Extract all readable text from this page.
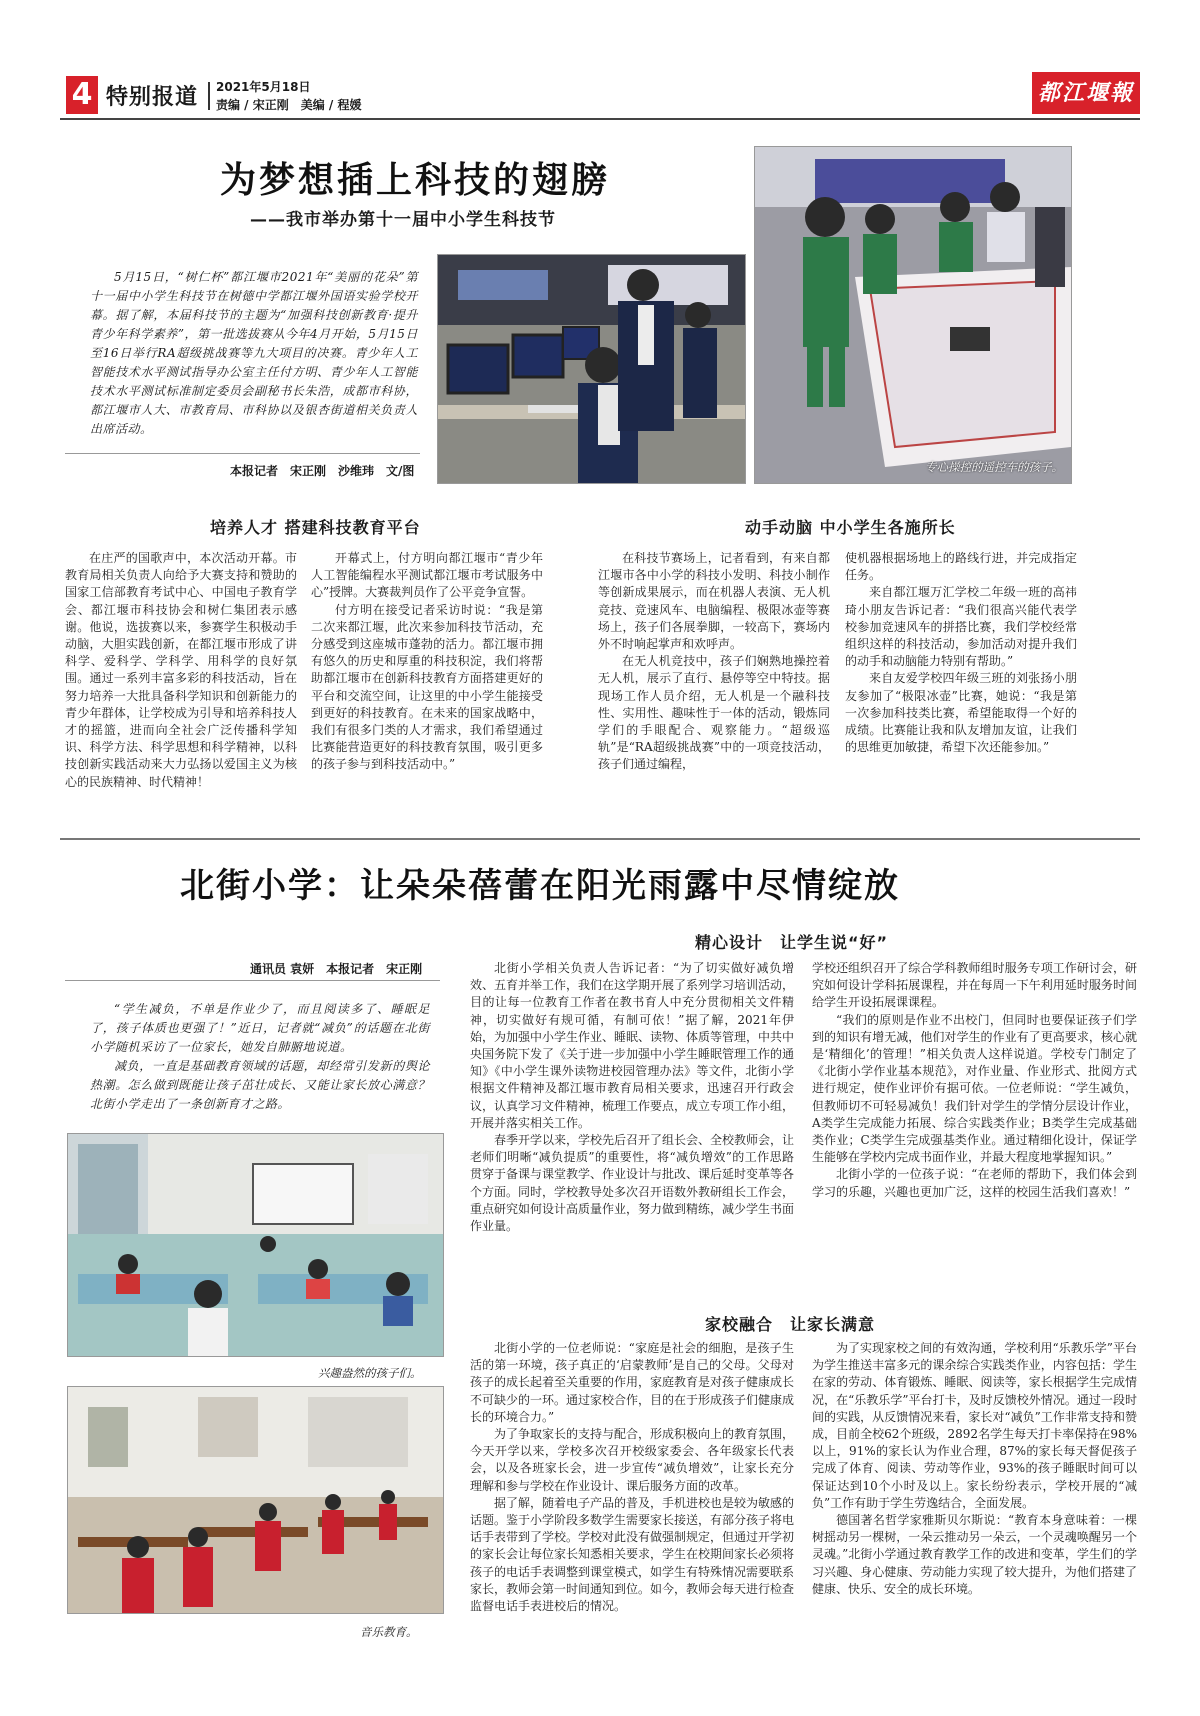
4 特别报道 2021年5月18日
责编 / 宋正刚　美编 / 程媛	都江堰報
为梦想插上科技的翅膀
——我市举办第十一届中小学生科技节

5月15日，“树仁杯”都江堰市2021年“美丽的花朵”第十一届中小学生科技节在树德中学都江堰外国语实验学校开幕。据了解，本届科技节的主题为“加强科技创新教育·提升青少年科学素养”，第一批选拔赛从今年4月开始，5月15日至16日举行RA超级挑战赛等九大项目的决赛。青少年人工智能技术水平测试指导办公室主任付方明、青少年人工智能技术水平测试标准制定委员会副秘书长朱浩，成都市科协，都江堰市人大、市教育局、市科协以及银杏街道相关负责人出席活动。

本报记者　宋正刚　沙维玮　文/图	专心操控的遥控车的孩子。
培养人才 搭建科技教育平台	动手动脑 中小学生各施所长

在庄严的国歌声中，本次活动开幕。市教育局相关负责人向给予大赛支持和赞助的国家工信部教育考试中心、中国电子教育学会、都江堰市科技协会和树仁集团表示感谢。他说，选拔赛以来，参赛学生积极动手动脑，大胆实践创新，在都江堰市形成了讲科学、爱科学、学科学、用科学的良好氛围。通过一系列丰富多彩的科技活动，旨在努力培养一大批具备科学知识和创新能力的青少年群体，让学校成为引导和培养科技人才的摇篮，进而向全社会广泛传播科学知识、科学方法、科学思想和科学精神，以科技创新实践活动来大力弘扬以爱国主义为核心的民族精神、时代精神！

开幕式上，付方明向都江堰市“青少年人工智能编程水平测试都江堰市考试服务中心”授牌。大赛裁判员作了公平竞争宣誓。

付方明在接受记者采访时说：“我是第二次来都江堰，此次来参加科技节活动，充分感受到这座城市蓬勃的活力。都江堰市拥有悠久的历史和厚重的科技积淀，我们将帮助都江堰市在创新科技教育方面搭建更好的平台和交流空间，让这里的中小学生能接受到更好的科技教育。在未来的国家战略中，我们有很多门类的人才需求，我们希望通过比赛能营造更好的科技教育氛围，吸引更多的孩子参与到科技活动中。”

在科技节赛场上，记者看到，有来自都江堰市各中小学的科技小发明、科技小制作等创新成果展示，而在机器人表演、无人机竞技、竞速风车、电脑编程、极限冰壶等赛场上，孩子们各展拳脚，一较高下，赛场内外不时响起掌声和欢呼声。

在无人机竞技中，孩子们娴熟地操控着无人机，展示了直行、悬停等空中特技。据现场工作人员介绍，无人机是一个融科技性、实用性、趣味性于一体的活动，锻炼同学们的手眼配合、观察能力。“超级巡轨”是“RA超级挑战赛”中的一项竞技活动，孩子们通过编程，

使机器根据场地上的路线行进，并完成指定任务。

来自都江堰万汇学校二年级一班的高祎琦小朋友告诉记者：“我们很高兴能代表学校参加竞速风车的拼搭比赛，我们学校经常组织这样的科技活动，参加活动对提升我们的动手和动脑能力特别有帮助。”

来自友爱学校四年级三班的刘张扬小朋友参加了“极限冰壶”比赛，她说：“我是第一次参加科技类比赛，希望能取得一个好的成绩。比赛能让我和队友增加友谊，让我们的思维更加敏捷，希望下次还能参加。”

北街小学：让朵朵蓓蕾在阳光雨露中尽情绽放
精心设计　让学生说“好”
通讯员 袁妍　本报记者　宋正刚

“学生减负，不单是作业少了，而且阅读多了、睡眠足了，孩子体质也更强了！”近日，记者就“减负”的话题在北街小学随机采访了一位家长，她发自肺腑地说道。

减负，一直是基础教育领域的话题，却经常引发新的舆论热潮。怎么做到既能让孩子茁壮成长、又能让家长放心满意？北街小学走出了一条创新育才之路。

兴趣盎然的孩子们。
音乐教育。

北街小学相关负责人告诉记者：“为了切实做好减负增效、五育并举工作，我们在这学期开展了系列学习培训活动，目的让每一位教育工作者在教书育人中充分贯彻相关文件精神，切实做好有规可循，有制可依！”据了解，2021年伊始，为加强中小学生作业、睡眠、读物、体质等管理，中共中央国务院下发了《关于进一步加强中小学生睡眠管理工作的通知》《中小学生课外读物进校园管理办法》等文件，北街小学根据文件精神及都江堰市教育局相关要求，迅速召开行政会议，认真学习文件精神，梳理工作要点，成立专项工作小组，开展并落实相关工作。

春季开学以来，学校先后召开了组长会、全校教师会，让老师们明晰“减负提质”的重要性，将“减负增效”的工作思路贯穿于备课与课堂教学、作业设计与批改、课后延时变革等各个方面。同时，学校教导处多次召开语数外教研组长工作会，重点研究如何设计高质量作业，努力做到精练，减少学生书面作业量。

学校还组织召开了综合学科教师组时服务专项工作研讨会，研究如何设计学科拓展课程，并在每周一下午利用延时服务时间给学生开设拓展课课程。

“我们的原则是作业不出校门，但同时也要保证孩子们学到的知识有增无减，他们对学生的作业有了更高要求，核心就是‘精细化’的管理！”相关负责人这样说道。学校专门制定了《北街小学作业基本规范》，对作业量、作业形式、批阅方式进行规定，使作业评价有据可依。一位老师说：“学生减负，但教师切不可轻易减负！我们针对学生的学情分层设计作业，A类学生完成能力拓展、综合实践类作业；B类学生完成基础类作业；C类学生完成强基类作业。通过精细化设计，保证学生能够在学校内完成书面作业，并最大程度地掌握知识。”

北街小学的一位孩子说：“在老师的帮助下，我们体会到学习的乐趣，兴趣也更加广泛，这样的校园生活我们喜欢！”

家校融合　让家长满意

北街小学的一位老师说：“家庭是社会的细胞，是孩子生活的第一环境，孩子真正的‘启蒙教师’是自己的父母。父母对孩子的成长起着至关重要的作用，家庭教育是对孩子健康成长不可缺少的一环。通过家校合作，目的在于形成孩子们健康成长的环境合力。”

为了争取家长的支持与配合，形成积极向上的教育氛围，今天开学以来，学校多次召开校级家委会、各年级家长代表会，以及各班家长会，进一步宣传“减负增效”，让家长充分理解和参与学校在作业设计、课后服务方面的改革。

据了解，随着电子产品的普及，手机进校也是较为敏感的话题。鉴于小学阶段多数学生需要家长接送，有部分孩子将电话手表带到了学校。学校对此没有做强制规定，但通过开学初的家长会让每位家长知悉相关要求，学生在校期间家长必须将孩子的电话手表调整到课堂模式，如学生有特殊情况需要联系家长，教师会第一时间通知到位。如今，教师会每天进行检查监督电话手表进校后的情况。

为了实现家校之间的有效沟通，学校利用“乐教乐学”平台为学生推送丰富多元的课余综合实践类作业，内容包括：学生在家的劳动、体育锻炼、睡眠、阅读等，家长根据学生完成情况，在“乐教乐学”平台打卡，及时反馈校外情况。通过一段时间的实践，从反馈情况来看，家长对“减负”工作非常支持和赞成，目前全校62个班级，2892名学生每天打卡率保持在98%以上，91%的家长认为作业合理，87%的家长每天督促孩子完成了体育、阅读、劳动等作业，93%的孩子睡眠时间可以保证达到10个小时及以上。家长纷纷表示，学校开展的“减负”工作有助于学生劳逸结合，全面发展。

德国著名哲学家雅斯贝尔斯说：“教育本身意味着：一棵树摇动另一棵树，一朵云推动另一朵云，一个灵魂唤醒另一个灵魂。”北街小学通过教育教学工作的改进和变革，学生们的学习兴趣、身心健康、劳动能力实现了较大提升，为他们搭建了健康、快乐、安全的成长环境。
